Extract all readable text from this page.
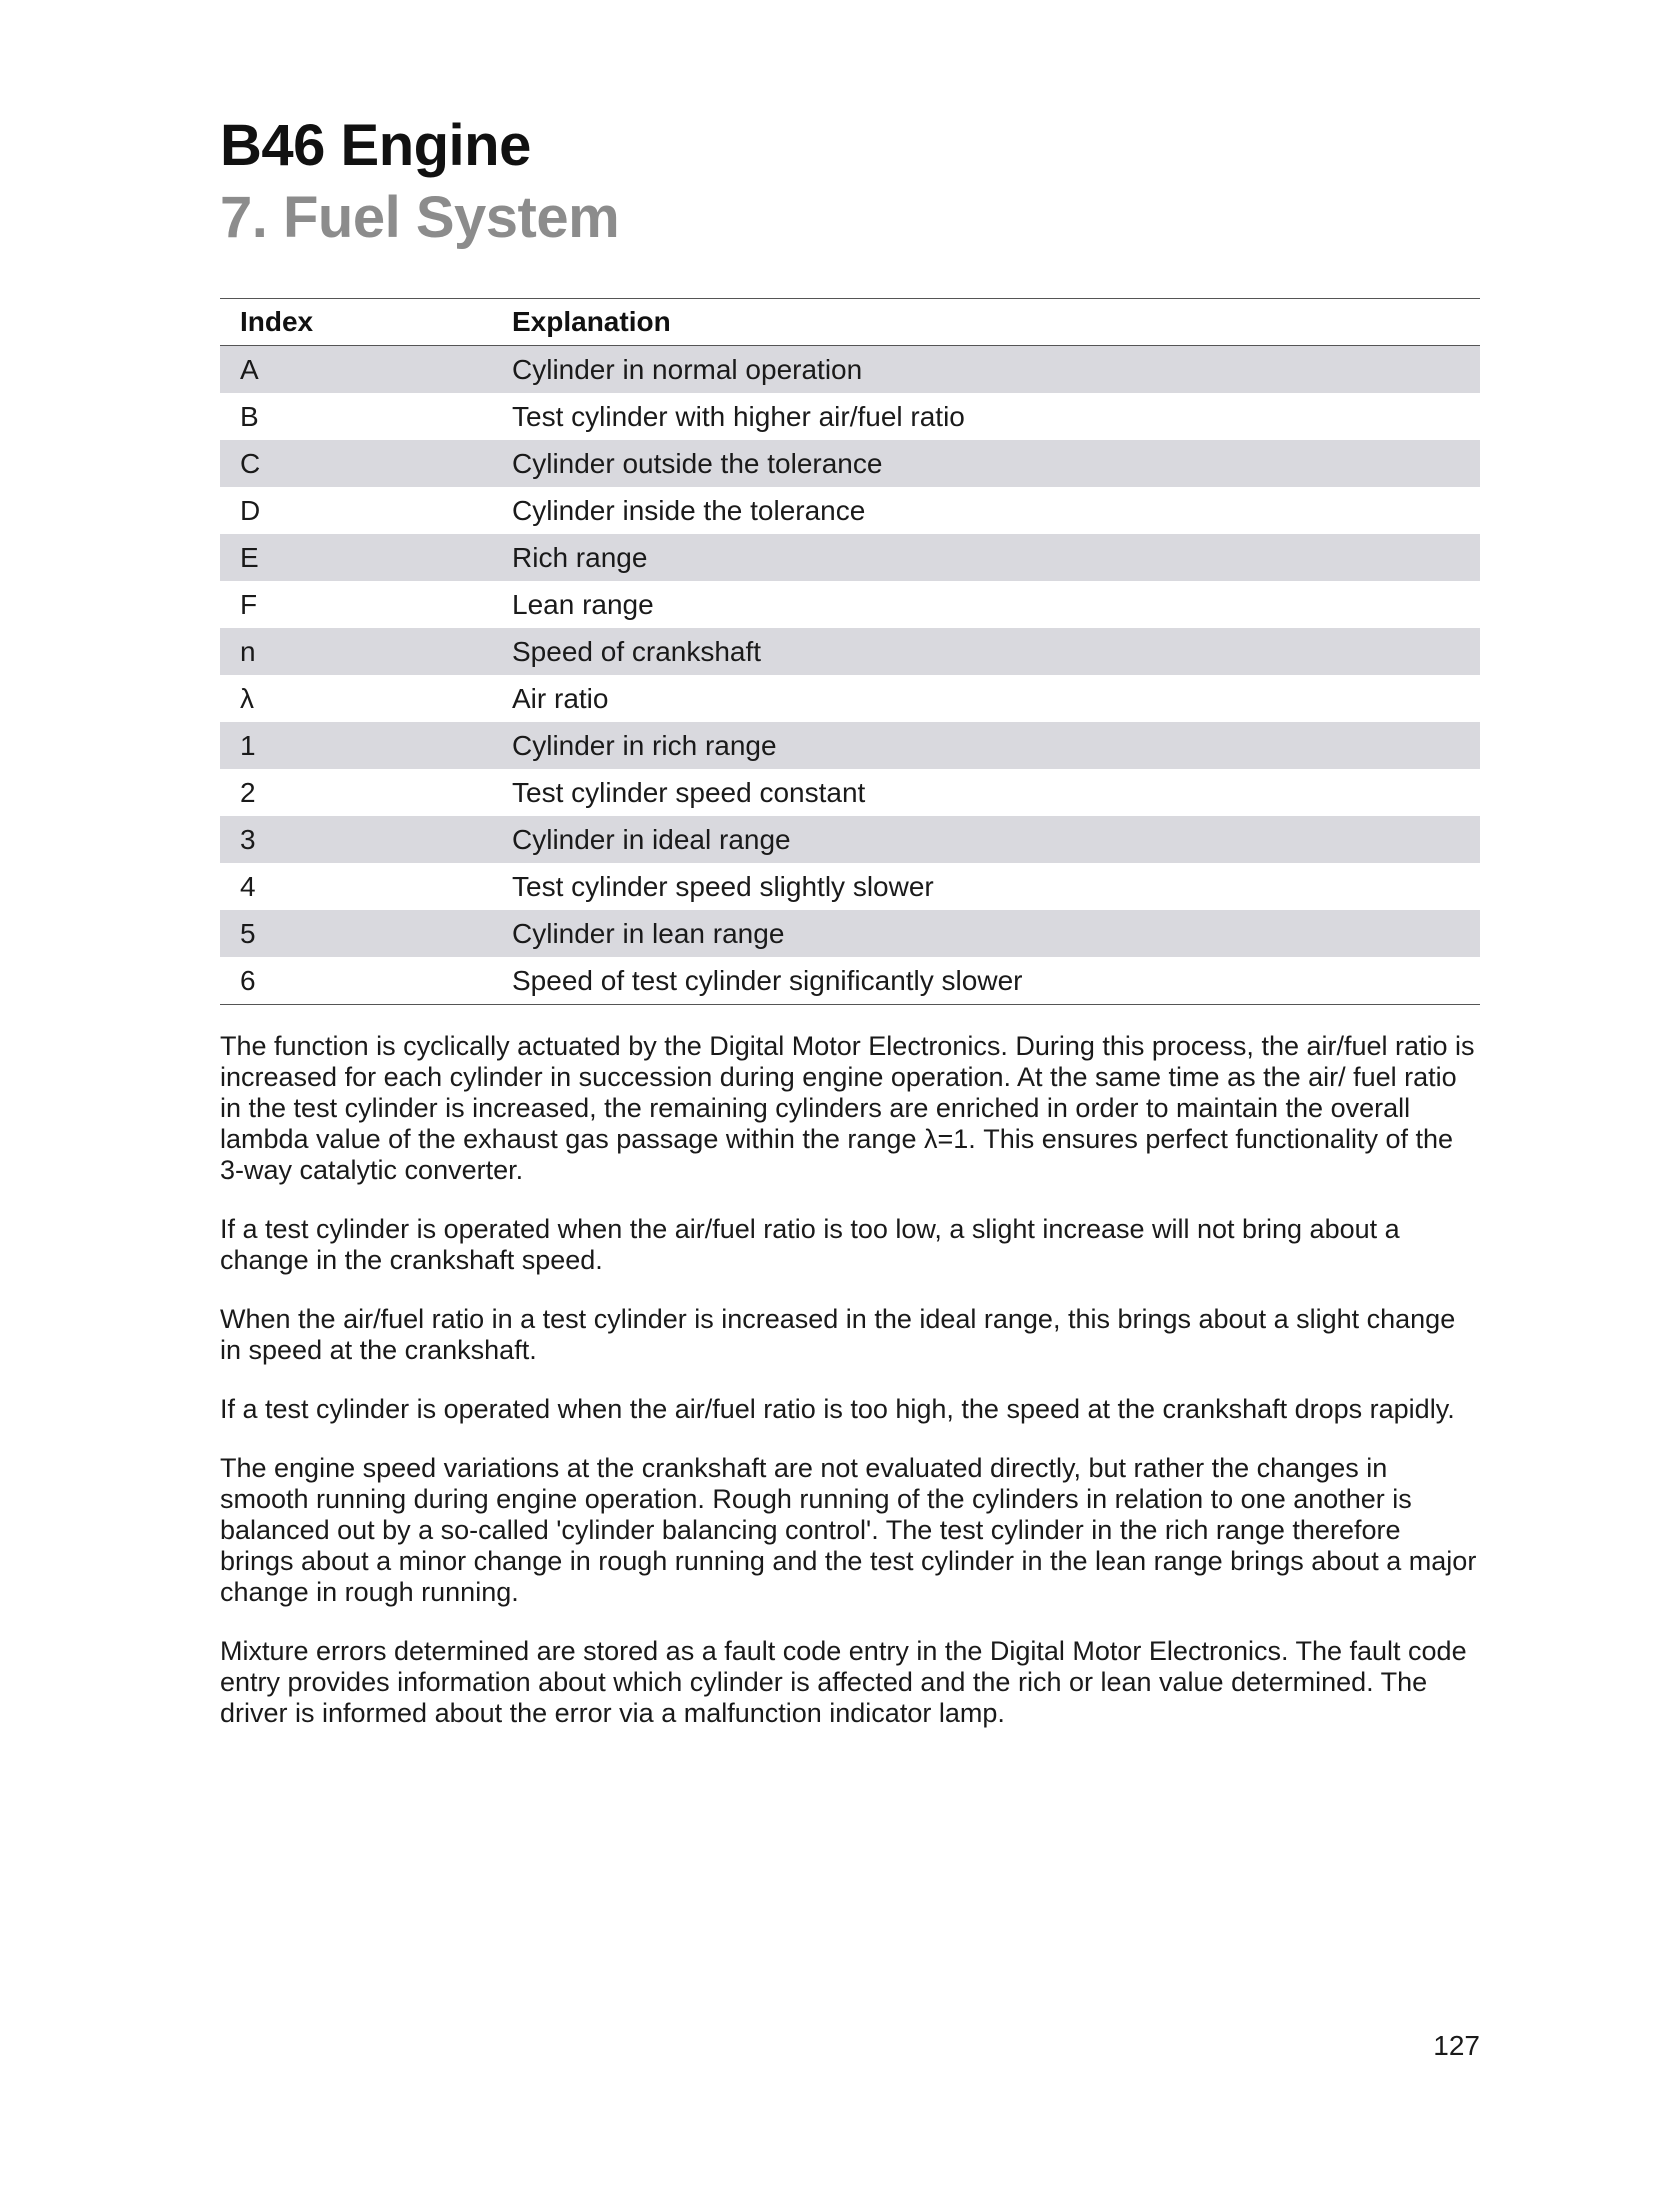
B46 Engine
7. Fuel System
Index	Explanation
A	Cylinder in normal operation
B	Test cylinder with higher air/fuel ratio
C	Cylinder outside the tolerance
D	Cylinder inside the tolerance
E	Rich range
F	Lean range
n	Speed of crankshaft
λ	Air ratio
1	Cylinder in rich range
2	Test cylinder speed constant
3	Cylinder in ideal range
4	Test cylinder speed slightly slower
5	Cylinder in lean range
6	Speed of test cylinder significantly slower

The function is cyclically actuated by the Digital Motor Electronics. During this process, the air/fuel ratio is increased for each cylinder in succession during engine operation. At the same time as the air/ fuel ratio in the test cylinder is increased, the remaining cylinders are enriched in order to maintain the overall lambda value of the exhaust gas passage within the range λ=1. This ensures perfect functionality of the 3-way catalytic converter.

If a test cylinder is operated when the air/fuel ratio is too low, a slight increase will not bring about a change in the crankshaft speed.

When the air/fuel ratio in a test cylinder is increased in the ideal range, this brings about a slight change in speed at the crankshaft.

If a test cylinder is operated when the air/fuel ratio is too high, the speed at the crankshaft drops rapidly.

The engine speed variations at the crankshaft are not evaluated directly, but rather the changes in smooth running during engine operation. Rough running of the cylinders in relation to one another is balanced out by a so-called 'cylinder balancing control'. The test cylinder in the rich range therefore brings about a minor change in rough running and the test cylinder in the lean range brings about a major change in rough running.

Mixture errors determined are stored as a fault code entry in the Digital Motor Electronics. The fault code entry provides information about which cylinder is affected and the rich or lean value determined. The driver is informed about the error via a malfunction indicator lamp.

127
